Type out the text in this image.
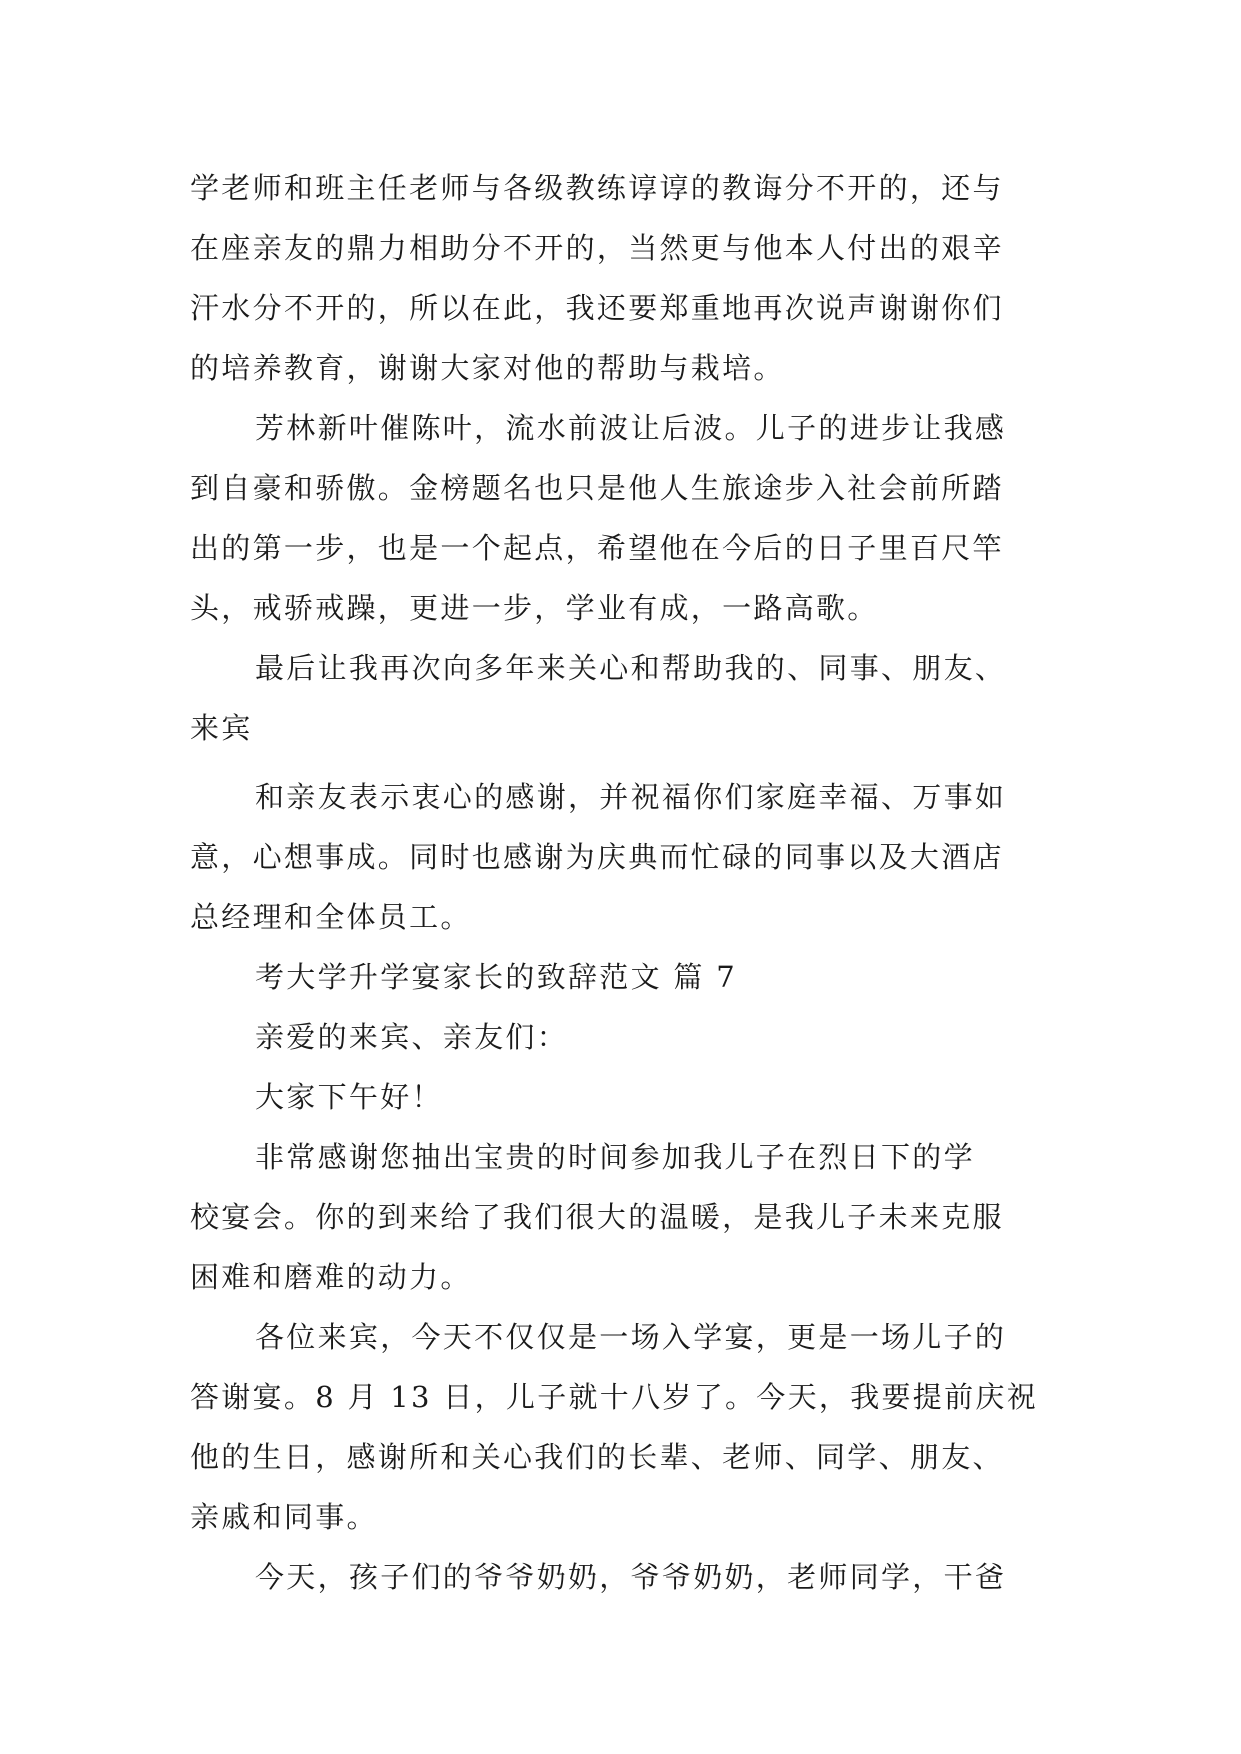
学老师和班主任老师与各级教练谆谆的教诲分不开的，还与
在座亲友的鼎力相助分不开的，当然更与他本人付出的艰辛
汗水分不开的，所以在此，我还要郑重地再次说声谢谢你们
的培养教育，谢谢大家对他的帮助与栽培。
芳林新叶催陈叶，流水前波让后波。儿子的进步让我感
到自豪和骄傲。金榜题名也只是他人生旅途步入社会前所踏
出的第一步，也是一个起点，希望他在今后的日子里百尺竿
头，戒骄戒躁，更进一步，学业有成，一路高歌。
最后让我再次向多年来关心和帮助我的、同事、朋友、
来宾
和亲友表示衷心的感谢，并祝福你们家庭幸福、万事如
意，心想事成。同时也感谢为庆典而忙碌的同事以及大酒店
总经理和全体员工。
考大学升学宴家长的致辞范文 篇 7
亲爱的来宾、亲友们：
大家下午好！
非常感谢您抽出宝贵的时间参加我儿子在烈日下的学
校宴会。你的到来给了我们很大的温暖，是我儿子未来克服
困难和磨难的动力。
各位来宾，今天不仅仅是一场入学宴，更是一场儿子的
答谢宴。8 月 13 日，儿子就十八岁了。今天，我要提前庆祝
他的生日，感谢所和关心我们的长辈、老师、同学、朋友、
亲戚和同事。
今天，孩子们的爷爷奶奶，爷爷奶奶，老师同学，干爸
